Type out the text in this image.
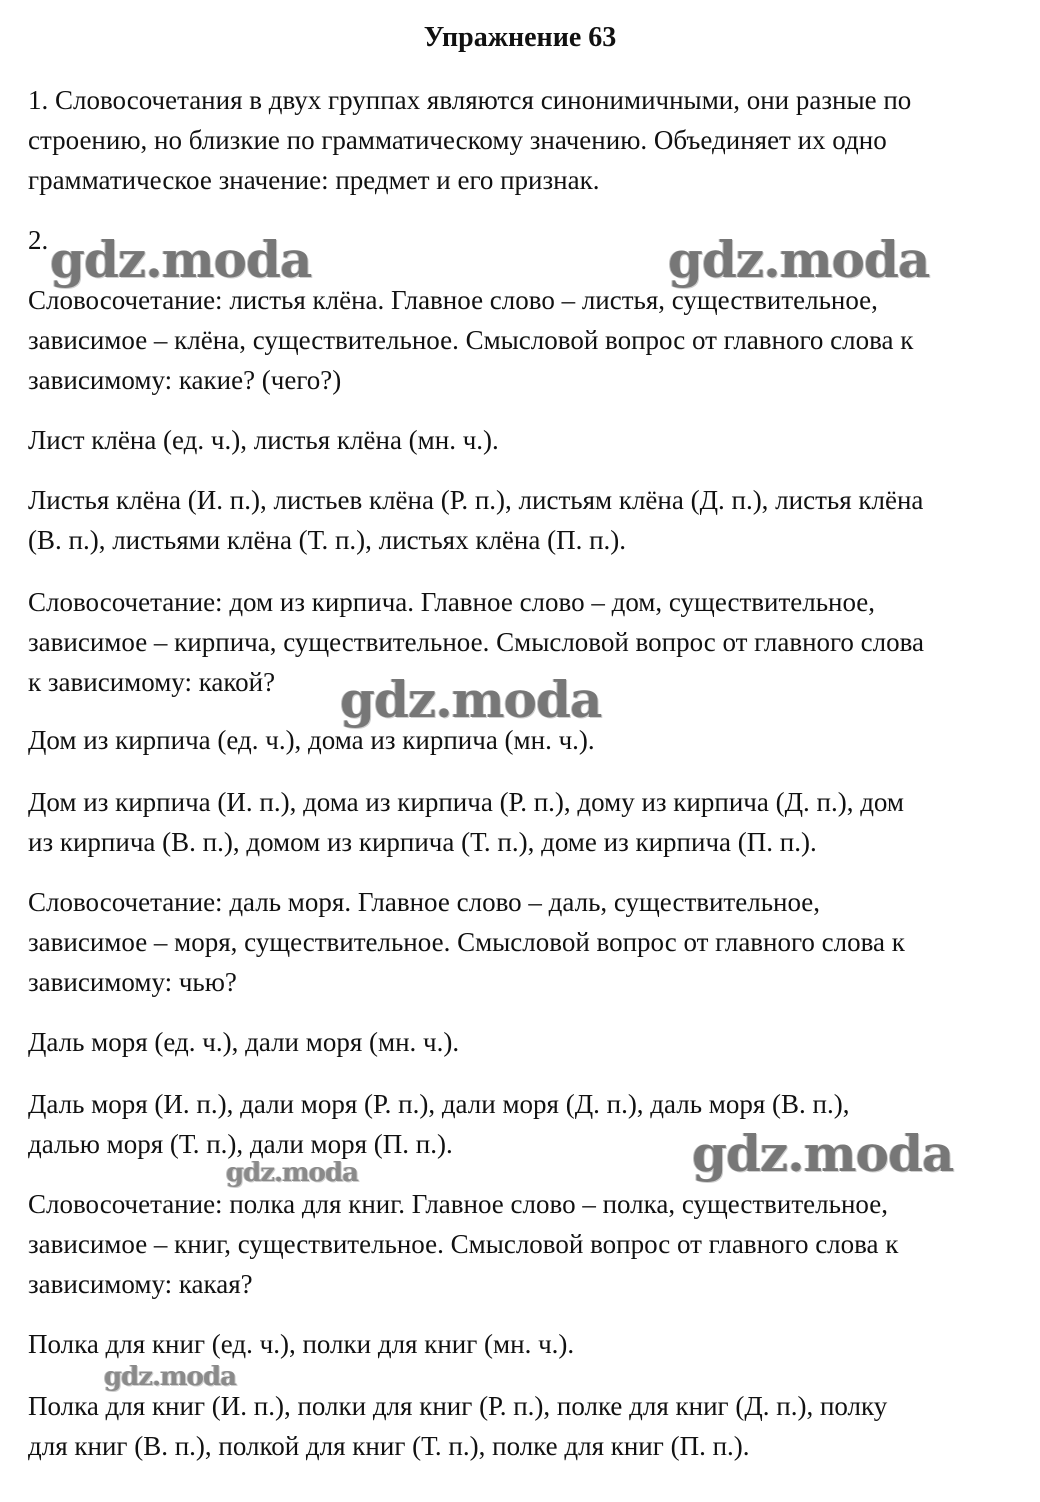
Упражнение 63
1. Словосочетания в двух группах являются синонимичными, они разные по
строению, но близкие по грамматическому значению. Объединяет их одно
грамматическое значение: предмет и его признак.
2.
Словосочетание: листья клёна. Главное слово – листья, существительное,
зависимое – клёна, существительное. Смысловой вопрос от главного слова к
зависимому: какие? (чего?)
Лист клёна (ед. ч.), листья клёна (мн. ч.).
Листья клёна (И. п.), листьев клёна (Р. п.), листьям клёна (Д. п.), листья клёна
(В. п.), листьями клёна (Т. п.), листьях клёна (П. п.).
Словосочетание: дом из кирпича. Главное слово – дом, существительное,
зависимое – кирпича, существительное. Смысловой вопрос от главного слова
к зависимому: какой?
Дом из кирпича (ед. ч.), дома из кирпича (мн. ч.).
Дом из кирпича (И. п.), дома из кирпича (Р. п.), дому из кирпича (Д. п.), дом
из кирпича (В. п.), домом из кирпича (Т. п.), доме из кирпича (П. п.).
Словосочетание: даль моря. Главное слово – даль, существительное,
зависимое – моря, существительное. Смысловой вопрос от главного слова к
зависимому: чью?
Даль моря (ед. ч.), дали моря (мн. ч.).
Даль моря (И. п.), дали моря (Р. п.), дали моря (Д. п.), даль моря (В. п.),
далью моря (Т. п.), дали моря (П. п.).
Словосочетание: полка для книг. Главное слово – полка, существительное,
зависимое – книг, существительное. Смысловой вопрос от главного слова к
зависимому: какая?
Полка для книг (ед. ч.), полки для книг (мн. ч.).
Полка для книг (И. п.), полки для книг (Р. п.), полке для книг (Д. п.), полку
для книг (В. п.), полкой для книг (Т. п.), полке для книг (П. п.).
gdz.moda	gdz.moda
gdz.moda
gdz.moda
gdz.moda
gdz.moda
